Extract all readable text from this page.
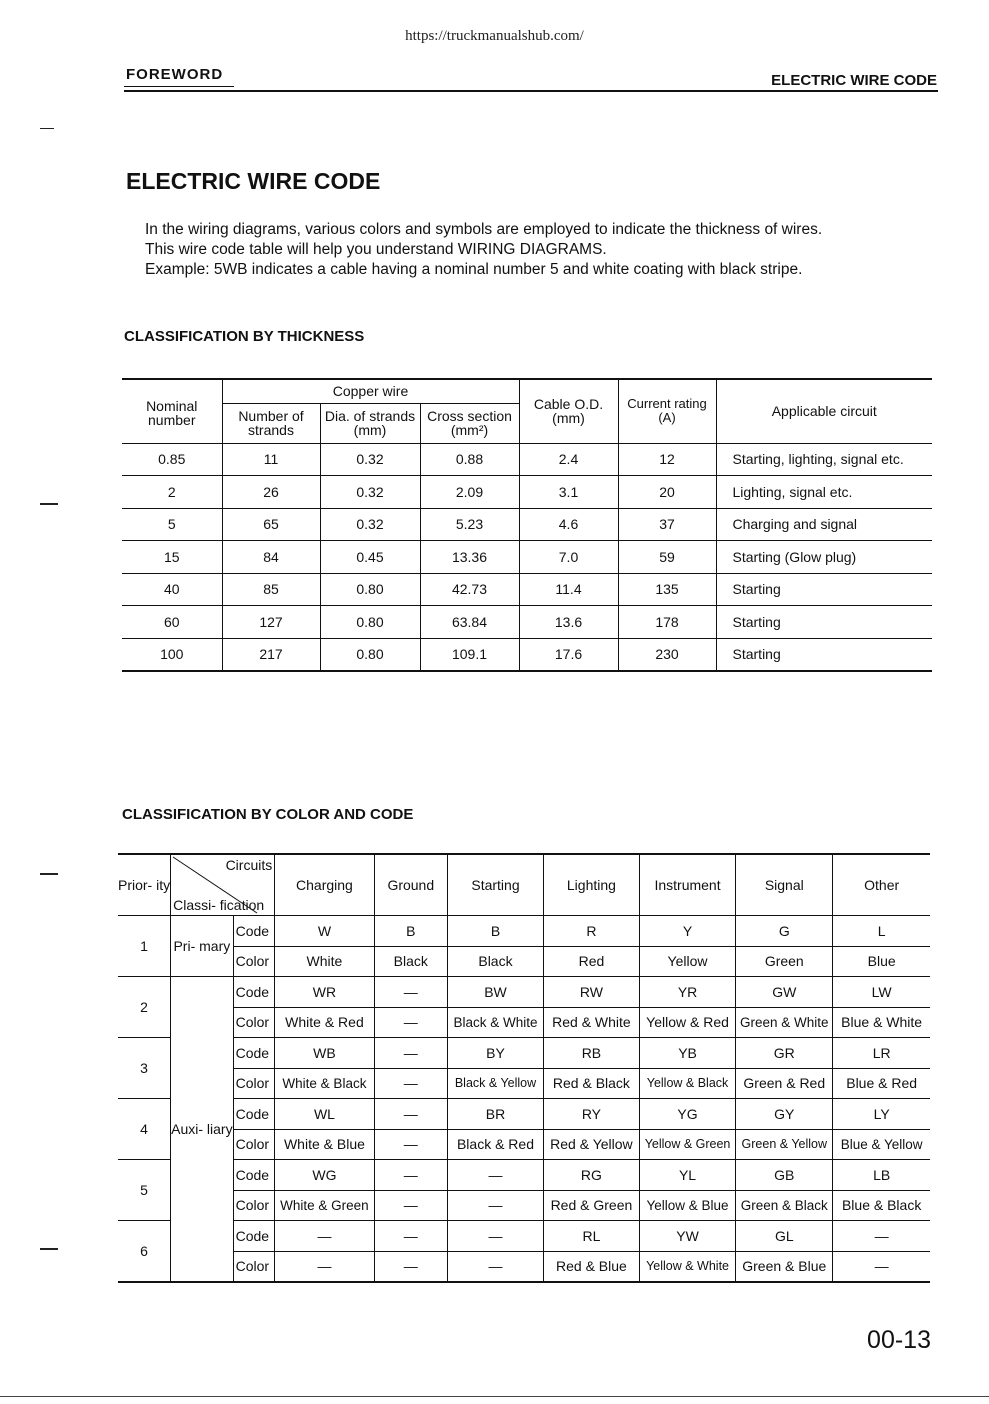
https://truckmanualshub.com/
FOREWORD	ELECTRIC WIRE CODE
ELECTRIC WIRE CODE
In the wiring diagrams, various colors and symbols are employed to indicate the thickness of wires.
This wire code table will help you understand WIRING DIAGRAMS.
Example: 5WB indicates a cable having a nominal number 5 and white coating with black stripe.
CLASSIFICATION BY THICKNESS
Nominal number	Copper wire			Cable O.D. (mm)	Current rating (A)	Applicable circuit
	Number of strands	Dia. of strands (mm)	Cross section (mm²)			
0.85	11	0.32	0.88	2.4	12	Starting, lighting, signal etc.
2	26	0.32	2.09	3.1	20	Lighting, signal etc.
5	65	0.32	5.23	4.6	37	Charging and signal
15	84	0.45	13.36	7.0	59	Starting (Glow plug)
40	85	0.80	42.73	11.4	135	Starting
60	127	0.80	63.84	13.6	178	Starting
100	217	0.80	109.1	17.6	230	Starting
CLASSIFICATION BY COLOR AND CODE
Prior- ity	Circuits
Classi- fication		Charging	Ground	Starting	Lighting	Instrument	Signal	Other
1	Pri- mary	Code	W	B	B	R	Y	G	L
		Color	White	Black	Black	Red	Yellow	Green	Blue
2	Auxi- liary	Code	WR	—	BW	RW	YR	GW	LW
		Color	White & Red	—	Black & White	Red & White	Yellow & Red	Green & White	Blue & White
3		Code	WB	—	BY	RB	YB	GR	LR
		Color	White & Black	—	Black & Yellow	Red & Black	Yellow & Black	Green & Red	Blue & Red
4		Code	WL	—	BR	RY	YG	GY	LY
		Color	White & Blue	—	Black & Red	Red & Yellow	Yellow & Green	Green & Yellow	Blue & Yellow
5		Code	WG	—	—	RG	YL	GB	LB
		Color	White & Green	—	—	Red & Green	Yellow & Blue	Green & Black	Blue & Black
6		Code	—	—	—	RL	YW	GL	—
		Color	—	—	—	Red & Blue	Yellow & White	Green & Blue	—
00-13
